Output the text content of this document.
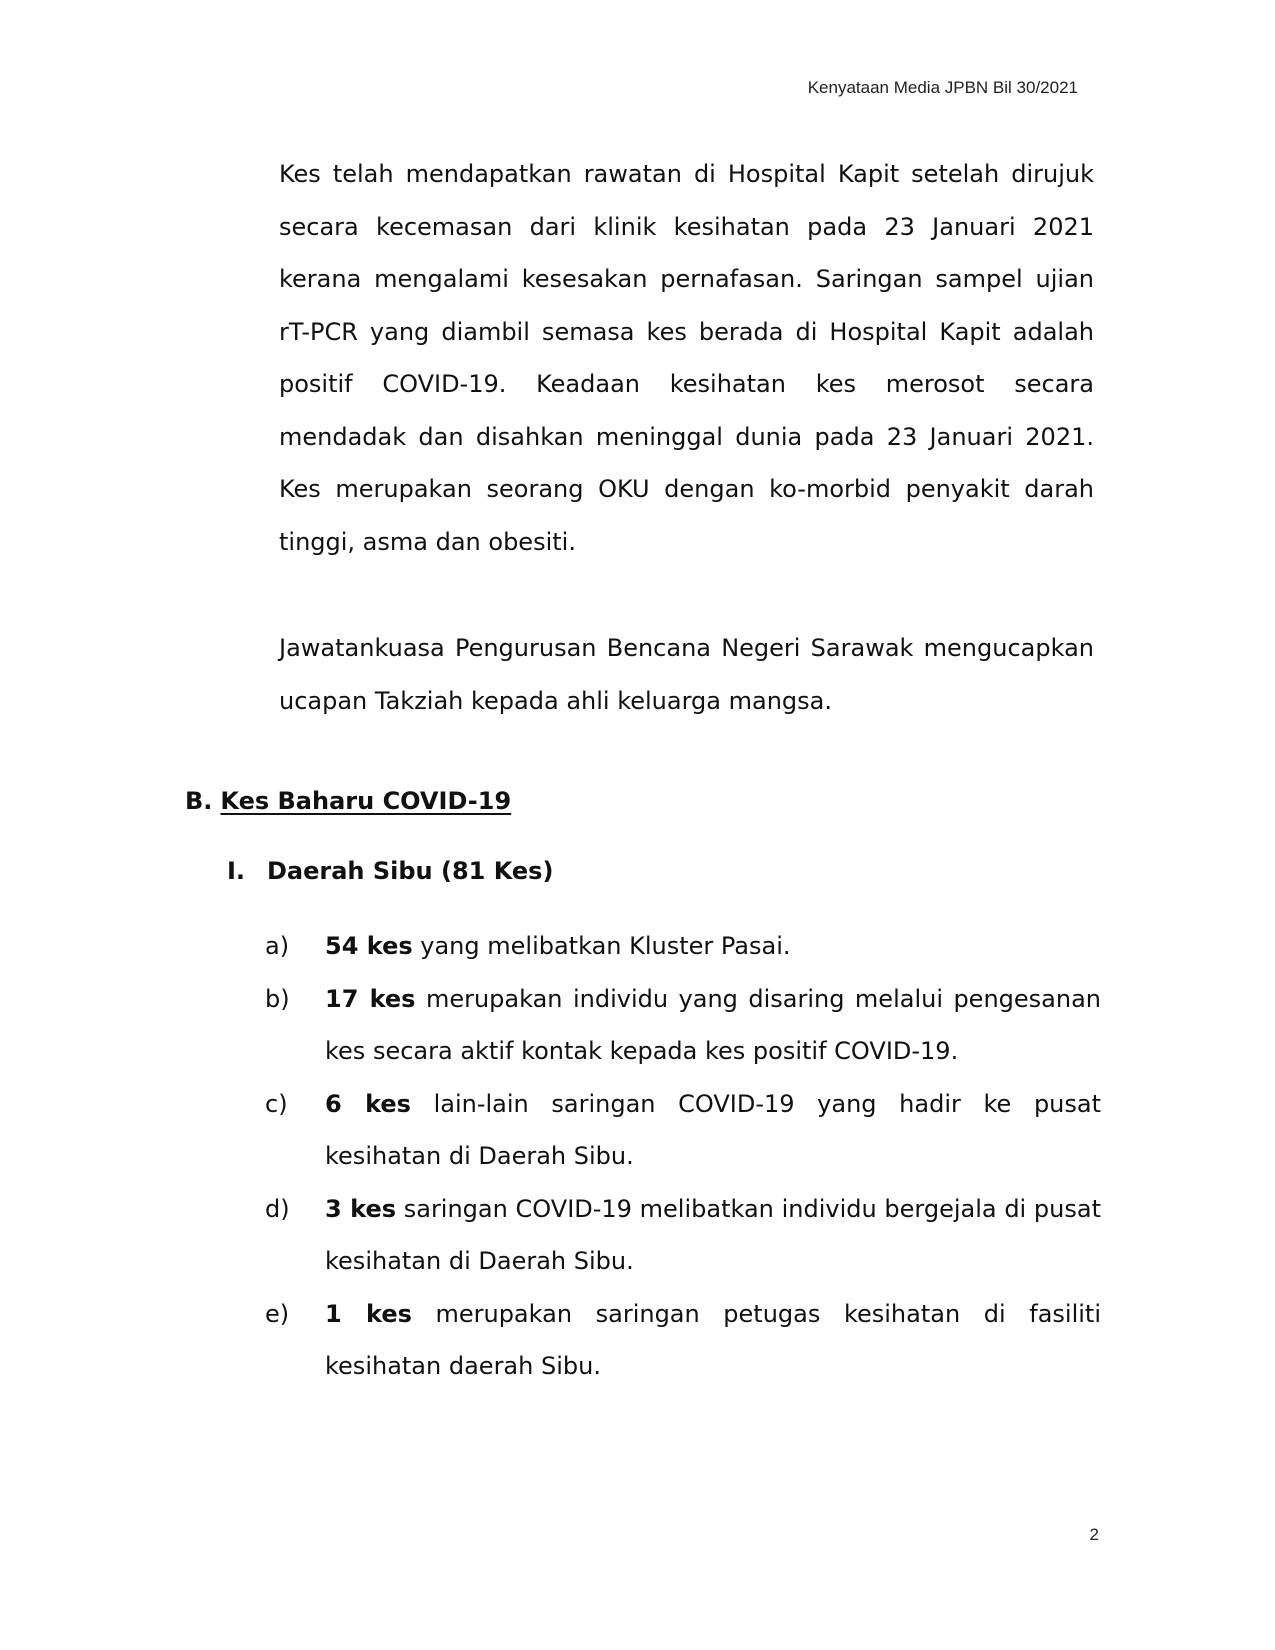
Kenyataan Media JPBN Bil 30/2021

Kes telah mendapatkan rawatan di Hospital Kapit setelah dirujuk secara kecemasan dari klinik kesihatan pada 23 Januari 2021 kerana mengalami kesesakan pernafasan. Saringan sampel ujian rT-PCR yang diambil semasa kes berada di Hospital Kapit adalah positif COVID-19. Keadaan kesihatan kes merosot secara mendadak dan disahkan meninggal dunia pada 23 Januari 2021. Kes merupakan seorang OKU dengan ko-morbid penyakit darah tinggi, asma dan obesiti.

Jawatankuasa Pengurusan Bencana Negeri Sarawak mengucapkan ucapan Takziah kepada ahli keluarga mangsa.

B. Kes Baharu COVID-19
I. Daerah Sibu (81 Kes)
a)	54 kes yang melibatkan Kluster Pasai.
b)	17 kes merupakan individu yang disaring melalui pengesanan kes secara aktif kontak kepada kes positif COVID-19.
c)	6 kes lain-lain saringan COVID-19 yang hadir ke pusat kesihatan di Daerah Sibu.
d)	3 kes saringan COVID-19 melibatkan individu bergejala di pusat kesihatan di Daerah Sibu.
e)	1 kes merupakan saringan petugas kesihatan di fasiliti kesihatan daerah Sibu.
2
